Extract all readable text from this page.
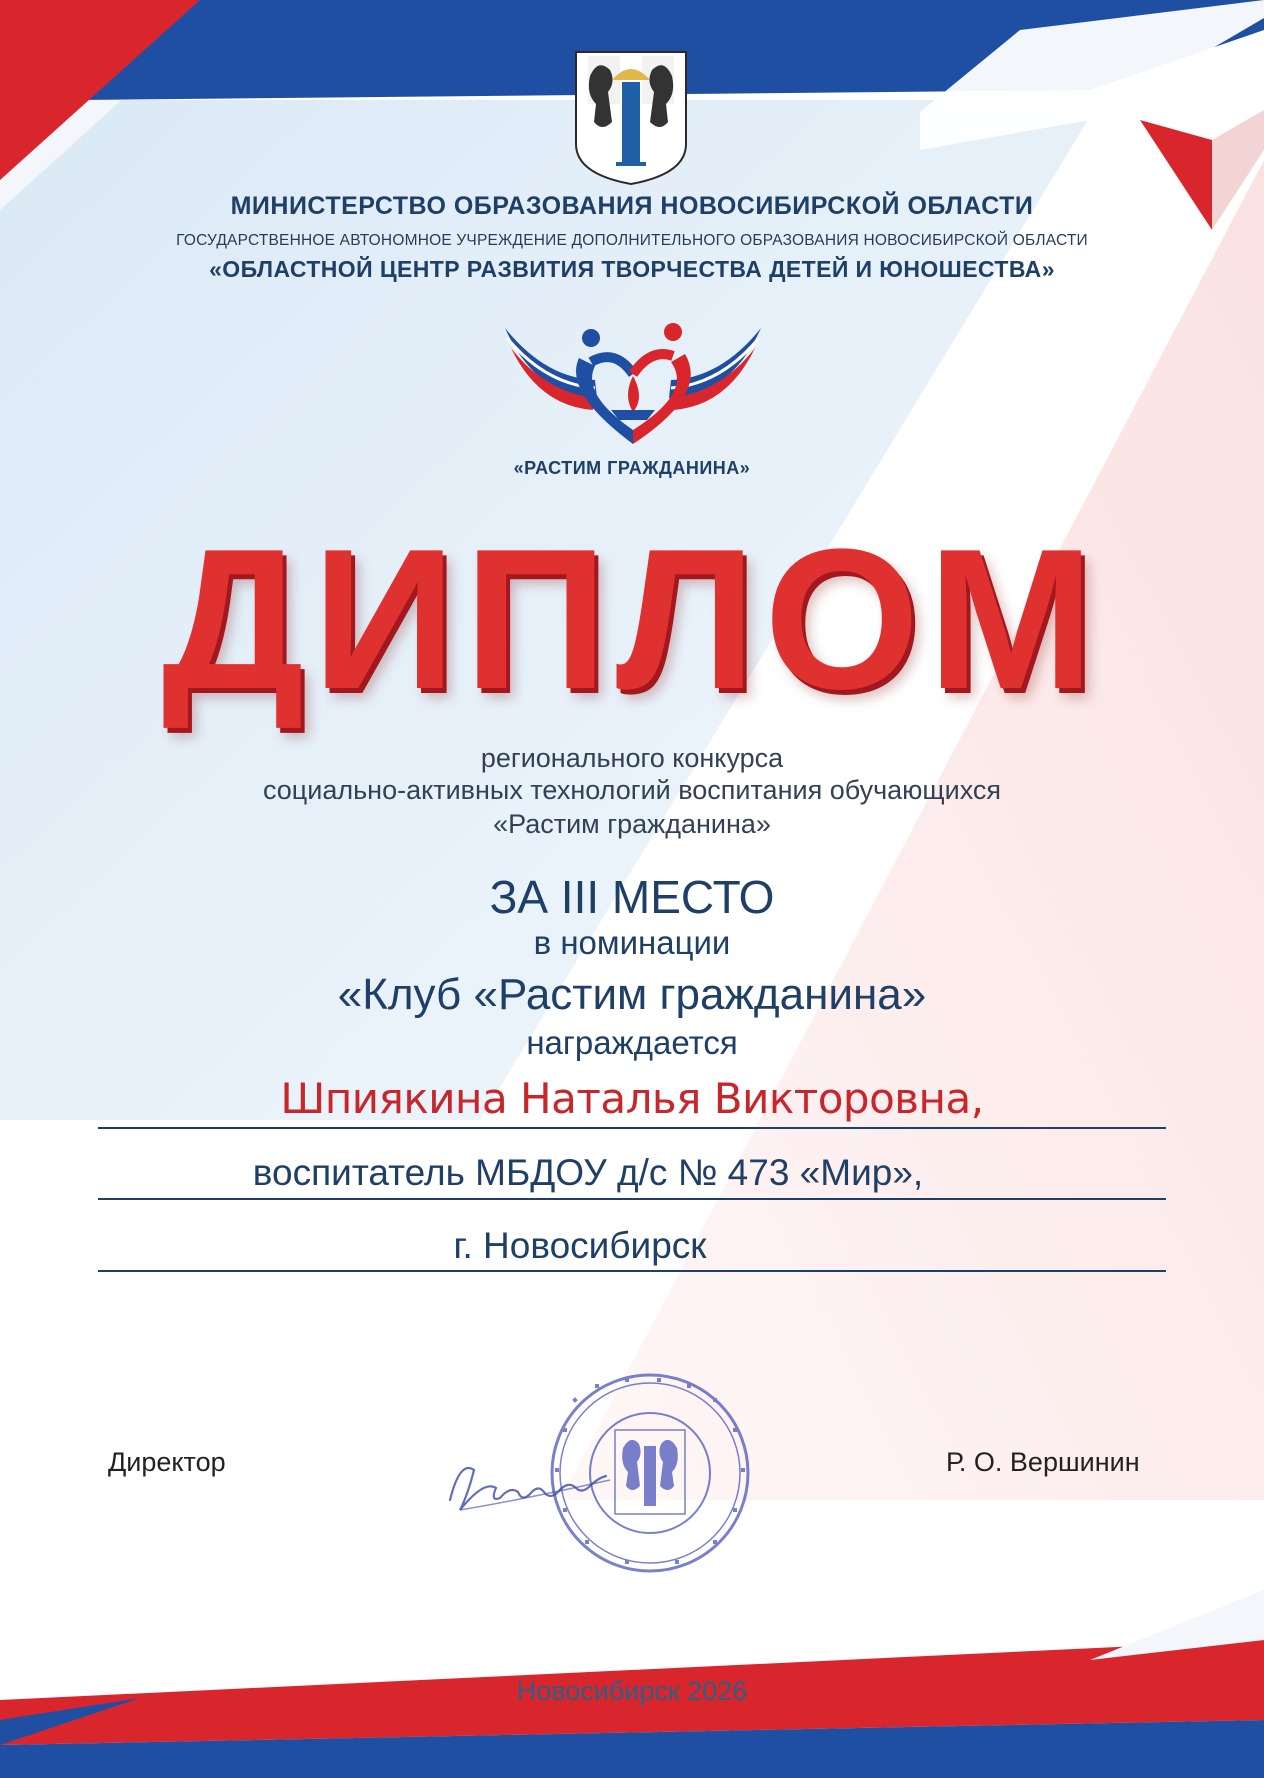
МИНИСТЕРСТВО ОБРАЗОВАНИЯ НОВОСИБИРСКОЙ ОБЛАСТИ
ГОСУДАРСТВЕННОЕ АВТОНОМНОЕ УЧРЕЖДЕНИЕ ДОПОЛНИТЕЛЬНОГО ОБРАЗОВАНИЯ НОВОСИБИРСКОЙ ОБЛАСТИ
«ОБЛАСТНОЙ ЦЕНТР РАЗВИТИЯ ТВОРЧЕСТВА ДЕТЕЙ И ЮНОШЕСТВА»
«РАСТИМ ГРАЖДАНИНА»
ДИПЛОМ
регионального конкурса
социально-активных технологий воспитания обучающихся
«Растим гражданина»
ЗА III МЕСТО
в номинации
«Клуб «Растим гражданина»
награждается
Шпиякина Наталья Викторовна,
воспитатель МБДОУ д/с № 473 «Мир»,
г. Новосибирск
Директор	Р. О. Вершинин
Новосибирск 2026
